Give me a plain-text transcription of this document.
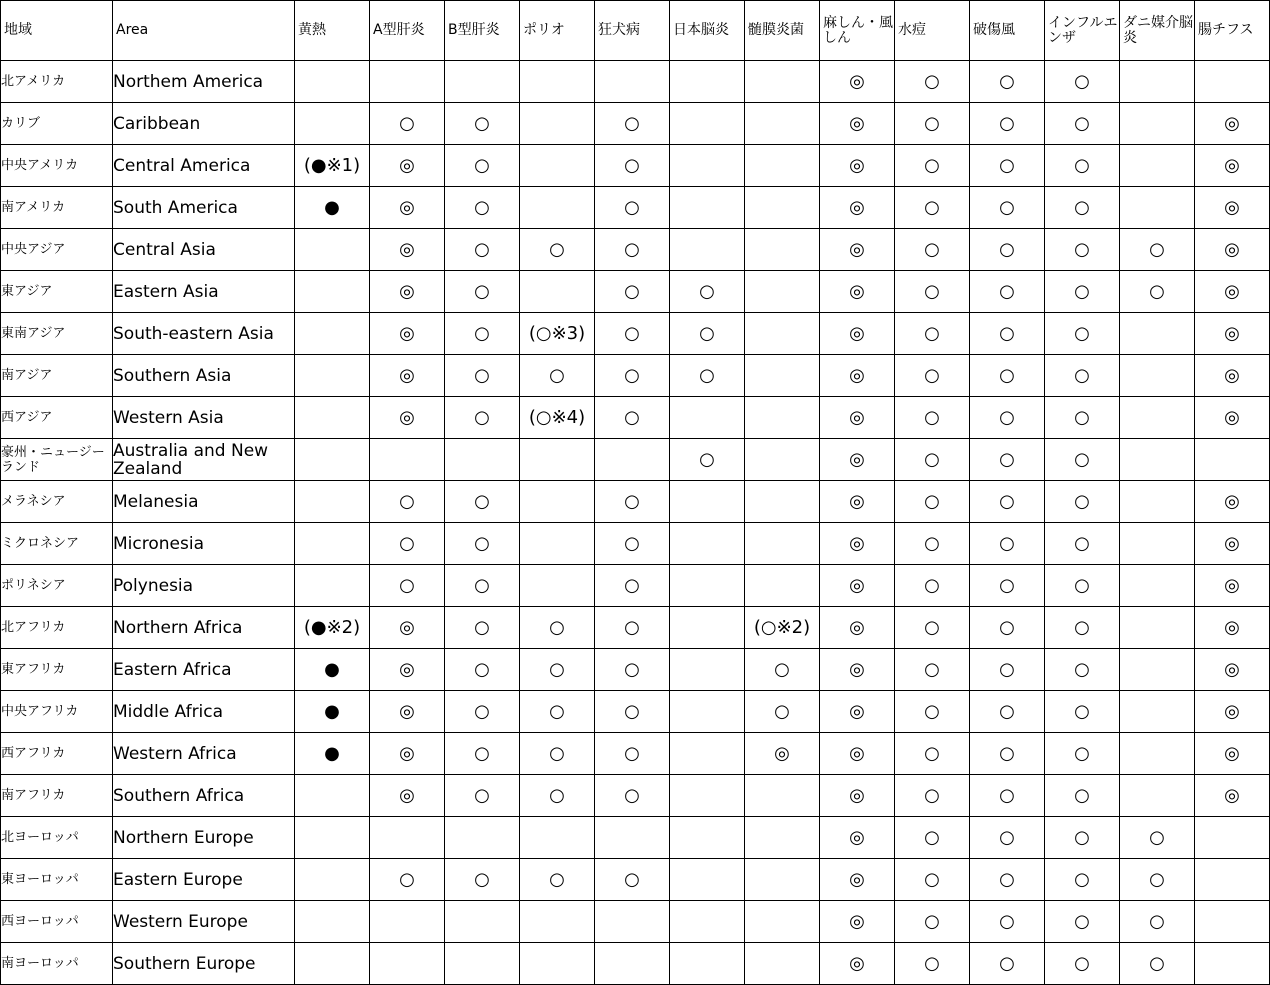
地域	Area	黄熱	A型肝炎	B型肝炎	ポリオ	狂犬病	日本脳炎	髄膜炎菌	麻しん・風しん	水痘	破傷風	インフルエンザ	ダニ媒介脳炎	腸チフス
北アメリカ	Northem America								◎	○	○	○		
カリブ	Caribbean		○	○		○			◎	○	○	○		◎
中央アメリカ	Central America	(●※1)	◎	○		○			◎	○	○	○		◎
南アメリカ	South America	●	◎	○		○			◎	○	○	○		◎
中央アジア	Central Asia		◎	○	○	○			◎	○	○	○	○	◎
東アジア	Eastern Asia		◎	○		○	○		◎	○	○	○	○	◎
東南アジア	South-eastern Asia		◎	○	(○※3)	○	○		◎	○	○	○		◎
南アジア	Southern Asia		◎	○	○	○	○		◎	○	○	○		◎
西アジア	Western Asia		◎	○	(○※4)	○			◎	○	○	○		◎
豪州・ニュージーランド	Australia and New Zealand						○		◎	○	○	○		
メラネシア	Melanesia		○	○		○			◎	○	○	○		◎
ミクロネシア	Micronesia		○	○		○			◎	○	○	○		◎
ポリネシア	Polynesia		○	○		○			◎	○	○	○		◎
北アフリカ	Northern Africa	(●※2)	◎	○	○	○		(○※2)	◎	○	○	○		◎
東アフリカ	Eastern Africa	●	◎	○	○	○		○	◎	○	○	○		◎
中央アフリカ	Middle Africa	●	◎	○	○	○		○	◎	○	○	○		◎
西アフリカ	Western Africa	●	◎	○	○	○		◎	◎	○	○	○		◎
南アフリカ	Southern Africa		◎	○	○	○			◎	○	○	○		◎
北ヨーロッパ	Northern Europe								◎	○	○	○	○	
東ヨーロッパ	Eastern Europe		○	○	○	○			◎	○	○	○	○	
西ヨーロッパ	Western Europe								◎	○	○	○	○	
南ヨーロッパ	Southern Europe								◎	○	○	○	○	
